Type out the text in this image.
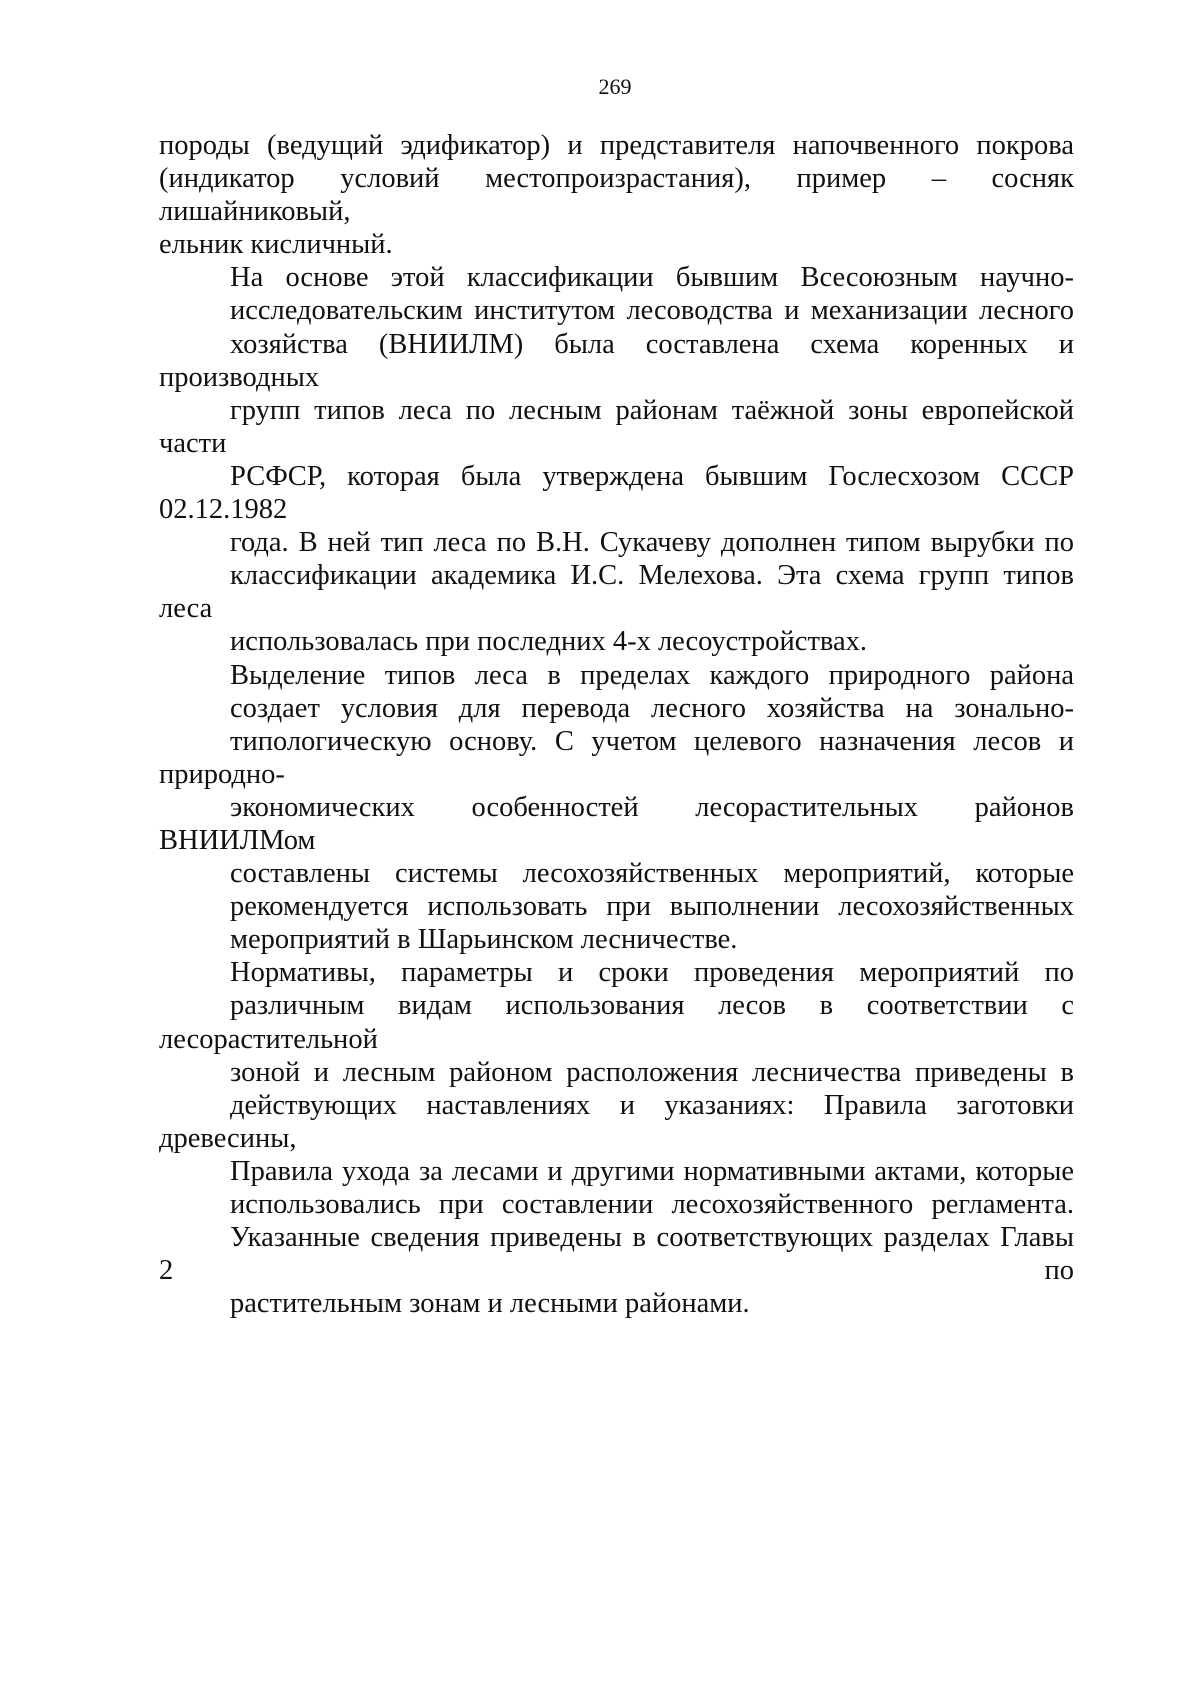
269
породы (ведущий эдификатор) и представителя напочвенного покрова
(индикатор условий местопроизрастания), пример – сосняк лишайниковый,
ельник кисличный.
На основе этой классификации бывшим Всесоюзным научно-
исследовательским институтом лесоводства и механизации лесного
хозяйства (ВНИИЛМ) была составлена схема коренных и производных
групп типов леса по лесным районам таёжной зоны европейской части
РСФСР, которая была утверждена бывшим Гослесхозом СССР 02.12.1982
года. В ней тип леса по В.Н. Сукачеву дополнен типом вырубки по
классификации академика И.С. Мелехова. Эта схема групп типов леса
использовалась при последних 4-х лесоустройствах.
Выделение типов леса в пределах каждого природного района
создает условия для перевода лесного хозяйства на зонально-
типологическую основу. С учетом целевого назначения лесов и природно-
экономических особенностей лесорастительных районов ВНИИЛМом
составлены системы лесохозяйственных мероприятий, которые
рекомендуется использовать при выполнении лесохозяйственных
мероприятий в Шарьинском лесничестве.
Нормативы, параметры и сроки проведения мероприятий по
различным видам использования лесов в соответствии с лесорастительной
зоной и лесным районом расположения лесничества приведены в
действующих наставлениях и указаниях: Правила заготовки древесины,
Правила ухода за лесами и другими нормативными актами, которые
использовались при составлении лесохозяйственного регламента.
Указанные сведения приведены в соответствующих разделах Главы 2 по
растительным зонам и лесными районами.
